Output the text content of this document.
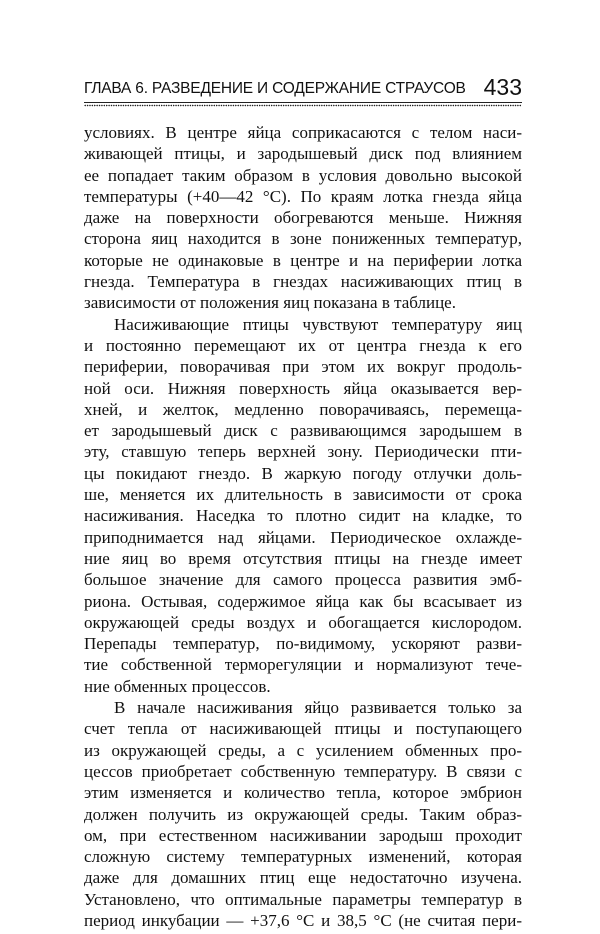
ГЛАВА 6. РАЗВЕДЕНИЕ И СОДЕРЖАНИЕ СТРАУСОВ 433
условиях. В центре яйца соприкасаются с телом наси-
живающей птицы, и зародышевый диск под влиянием
ее попадает таким образом в условия довольно высокой
температуры (+40—42 °С). По краям лотка гнезда яйца
даже на поверхности обогреваются меньше. Нижняя
сторона яиц находится в зоне пониженных температур,
которые не одинаковые в центре и на периферии лотка
гнезда. Температура в гнездах насиживающих птиц в
зависимости от положения яиц показана в таблице.
Насиживающие птицы чувствуют температуру яиц
и постоянно перемещают их от центра гнезда к его
периферии, поворачивая при этом их вокруг продоль-
ной оси. Нижняя поверхность яйца оказывается вер-
хней, и желток, медленно поворачиваясь, перемеща-
ет зародышевый диск с развивающимся зародышем в
эту, ставшую теперь верхней зону. Периодически пти-
цы покидают гнездо. В жаркую погоду отлучки доль-
ше, меняется их длительность в зависимости от срока
насиживания. Наседка то плотно сидит на кладке, то
приподнимается над яйцами. Периодическое охлажде-
ние яиц во время отсутствия птицы на гнезде имеет
большое значение для самого процесса развития эмб-
риона. Остывая, содержимое яйца как бы всасывает из
окружающей среды воздух и обогащается кислородом.
Перепады температур, по-видимому, ускоряют разви-
тие собственной терморегуляции и нормализуют тече-
ние обменных процессов.
В начале насиживания яйцо развивается только за
счет тепла от насиживающей птицы и поступающего
из окружающей среды, а с усилением обменных про-
цессов приобретает собственную температуру. В связи с
этим изменяется и количество тепла, которое эмбрион
должен получить из окружающей среды. Таким образ-
ом, при естественном насиживании зародыш проходит
сложную систему температурных изменений, которая
даже для домашних птиц еще недостаточно изучена.
Установлено, что оптимальные параметры температур в
период инкубации — +37,6 °С и 38,5 °С (не считая пери-
